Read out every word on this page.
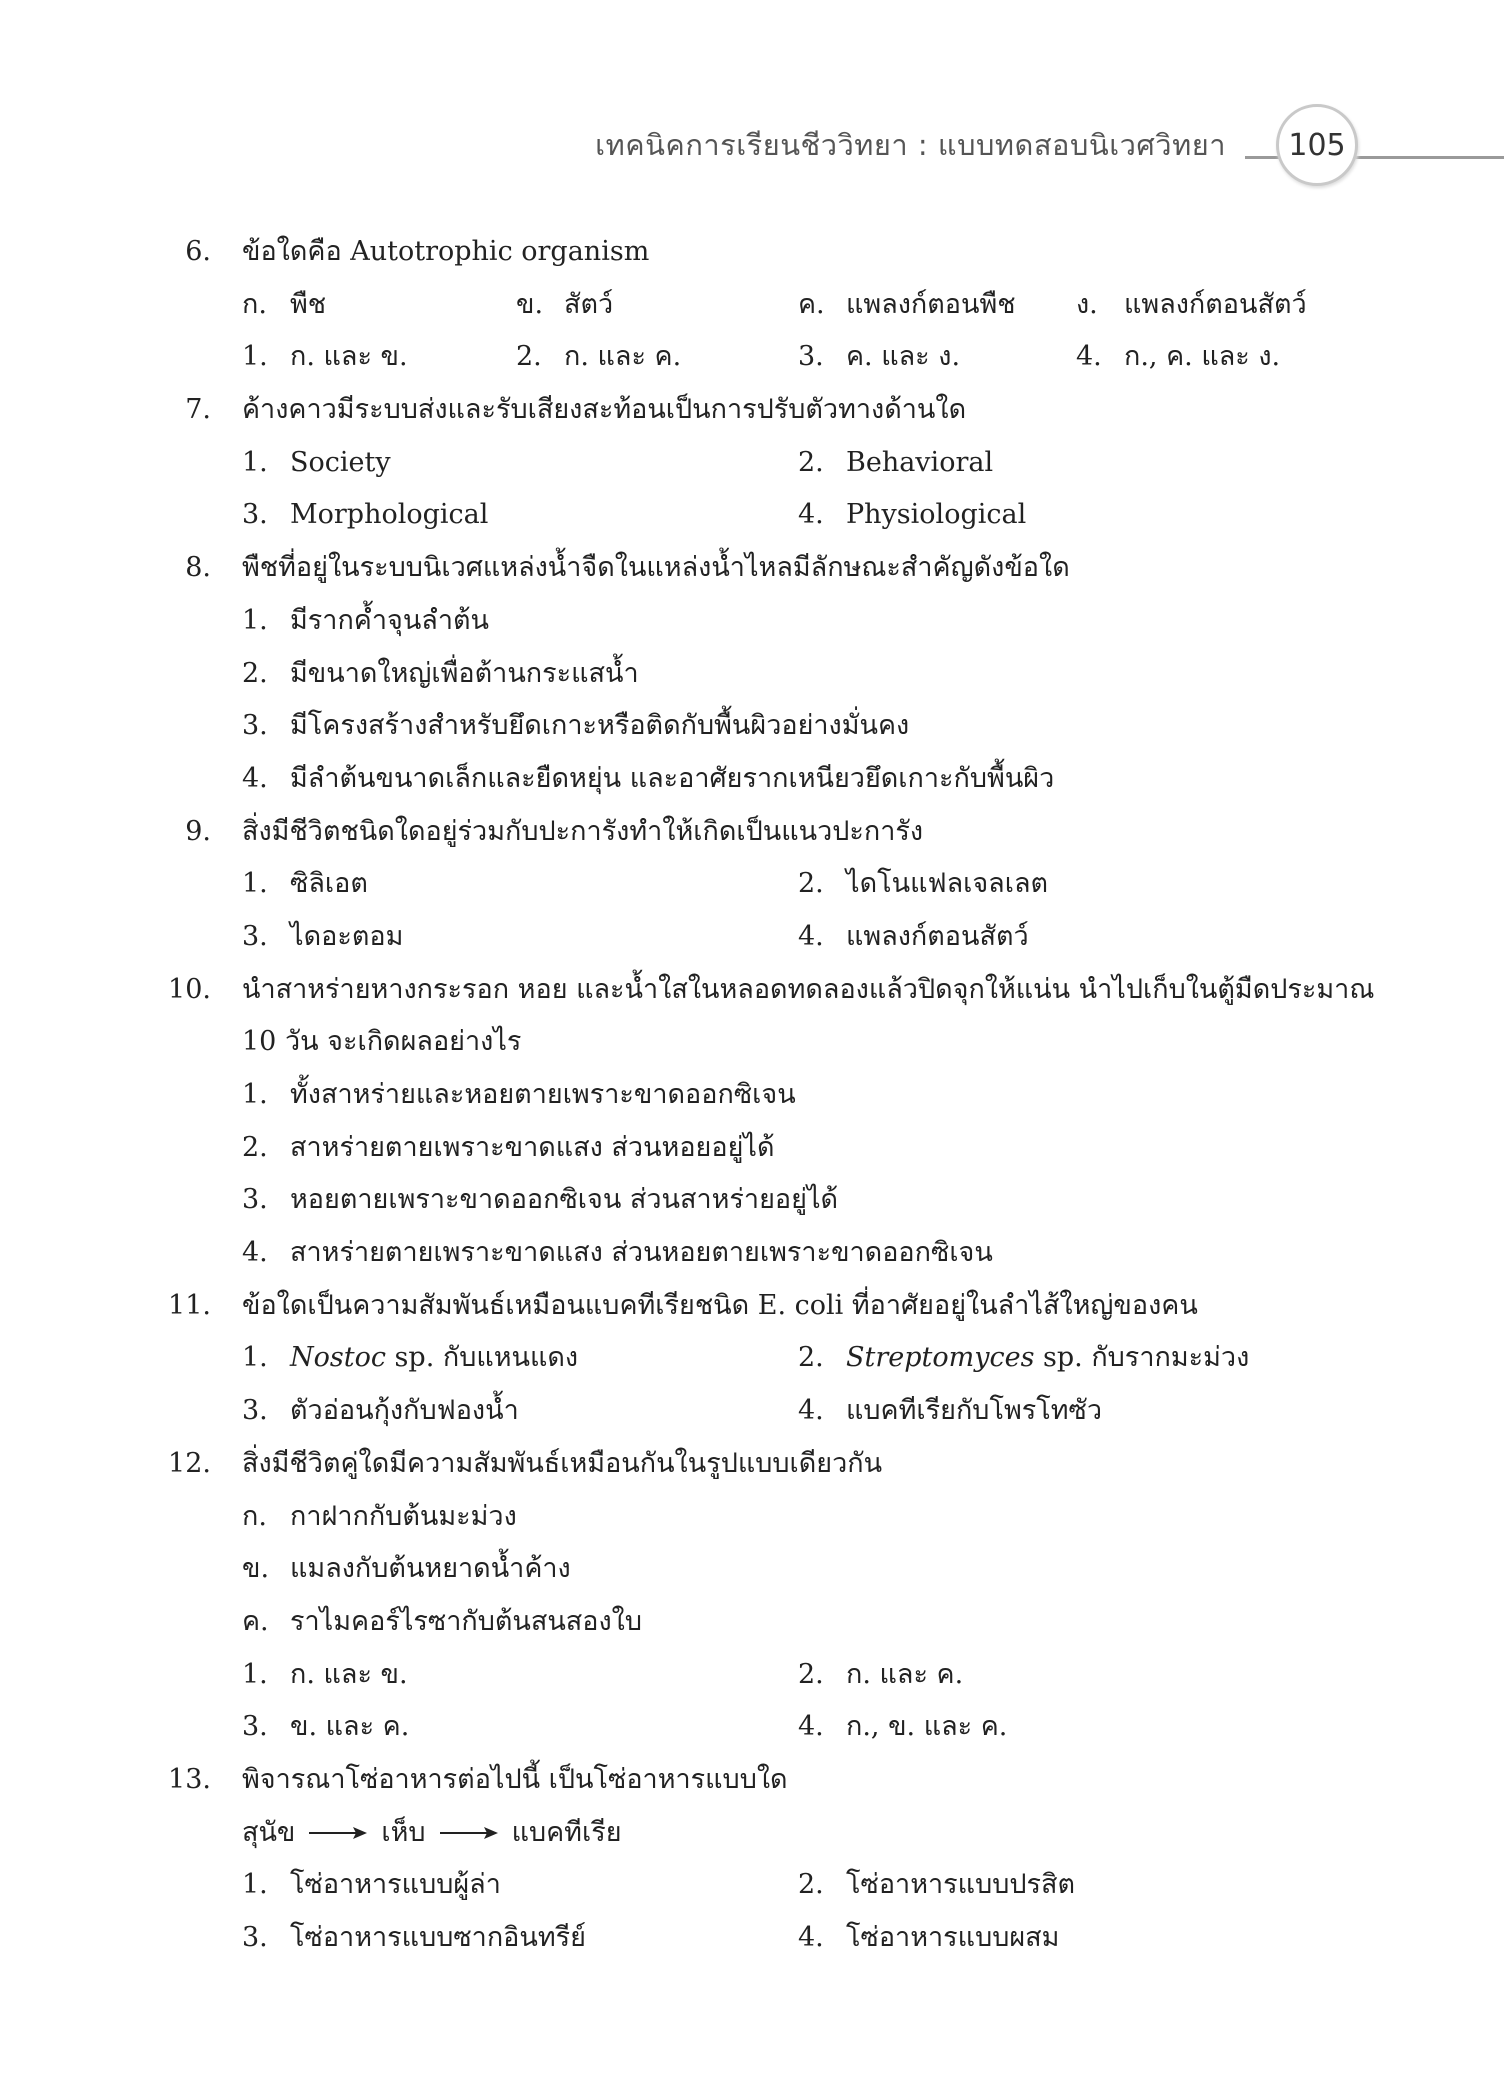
เทคนิคการเรียนชีววิทยา : แบบทดสอบนิเวศวิทยา	105
6. ข้อใดคือ Autotrophic organism
ก. พืช	ข. สัตว์	ค. แพลงก์ตอนพืช ง. แพลงก์ตอนสัตว์
1. ก. และ ข.	2. ก. และ ค.	3. ค. และ ง.	4. ก., ค. และ ง.
7. ค้างคาวมีระบบส่งและรับเสียงสะท้อนเป็นการปรับตัวทางด้านใด
1. Society	2. Behavioral
3. Morphological	4. Physiological
8. พืชที่อยู่ในระบบนิเวศแหล่งน้ำจืดในแหล่งน้ำไหลมีลักษณะสำคัญดังข้อใด
1. มีรากค้ำจุนลำต้น
2. มีขนาดใหญ่เพื่อต้านกระแสน้ำ
3. มีโครงสร้างสำหรับยึดเกาะหรือติดกับพื้นผิวอย่างมั่นคง
4. มีลำต้นขนาดเล็กและยืดหยุ่น และอาศัยรากเหนียวยึดเกาะกับพื้นผิว
9. สิ่งมีชีวิตชนิดใดอยู่ร่วมกับปะการังทำให้เกิดเป็นแนวปะการัง
1. ซิลิเอต	2. ไดโนแฟลเจลเลต
3. ไดอะตอม	4. แพลงก์ตอนสัตว์
10. นำสาหร่ายหางกระรอก หอย และน้ำใสในหลอดทดลองแล้วปิดจุกให้แน่น นำไปเก็บในตู้มืดประมาณ
10 วัน จะเกิดผลอย่างไร
1. ทั้งสาหร่ายและหอยตายเพราะขาดออกซิเจน
2. สาหร่ายตายเพราะขาดแสง ส่วนหอยอยู่ได้
3. หอยตายเพราะขาดออกซิเจน ส่วนสาหร่ายอยู่ได้
4. สาหร่ายตายเพราะขาดแสง ส่วนหอยตายเพราะขาดออกซิเจน
11. ข้อใดเป็นความสัมพันธ์เหมือนแบคทีเรียชนิด E. coli ที่อาศัยอยู่ในลำไส้ใหญ่ของคน
1. Nostoc sp. กับแหนแดง	2. Streptomyces sp. กับรากมะม่วง
3. ตัวอ่อนกุ้งกับฟองน้ำ	4. แบคทีเรียกับโพรโทซัว
12. สิ่งมีชีวิตคู่ใดมีความสัมพันธ์เหมือนกันในรูปแบบเดียวกัน
ก. กาฝากกับต้นมะม่วง
ข. แมลงกับต้นหยาดน้ำค้าง
ค. ราไมคอร์ไรซากับต้นสนสองใบ
1. ก. และ ข.	2. ก. และ ค.
3. ข. และ ค.	4. ก., ข. และ ค.
13. พิจารณาโซ่อาหารต่อไปนี้ เป็นโซ่อาหารแบบใด
สุนัข	เห็บ	แบคทีเรีย
1. โซ่อาหารแบบผู้ล่า	2. โซ่อาหารแบบปรสิต
3. โซ่อาหารแบบซากอินทรีย์	4. โซ่อาหารแบบผสม
